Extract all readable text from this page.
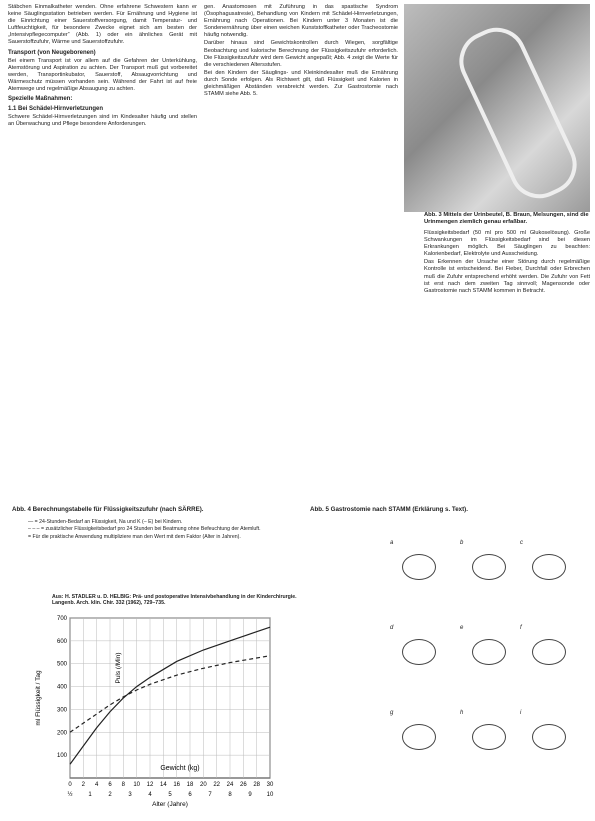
Stäbchen Einmalkatheter wenden. Ohne erfahrene Schwestern kann er keine Säuglingsstation betrieben werden. Für Ernährung und Hygiene ist die Einrichtung einer Sauerstoffversorgung, damit Temperatur- und Luftfeuchtigkeit, für besondere Zwecke eignet sich am besten der „Intensivpflegecomputer“ (Abb. 1) oder ein ähnliches Gerät mit Sauerstoffzufuhr, Wärme und Sauerstoffzufuhr.

Transport (von Neugeborenen)

Bei einem Transport ist vor allem auf die Gefahren der Unterkühlung, Atemstörung und Aspiration zu achten. Der Transport muß gut vorbereitet werden, Transportinkubator, Sauerstoff, Absaugvorrichtung und Wärmeschutz müssen vorhanden sein. Während der Fahrt ist auf freie Atemwege und regelmäßige Absaugung zu achten.

Spezielle Maßnahmen:
1.1 Bei Schädel-Hirnverletzungen

Schwere Schädel-Hirnverletzungen sind im Kindesalter häufig und stellen an Überwachung und Pflege besondere Anforderungen.

gen. Anastomosen mit Zuführung in das spastische Syndrom (Ösophagusatresie), Behandlung von Kindern mit Schädel-Hirnverletzungen, Ernährung nach Operationen. Bei Kindern unter 3 Monaten ist die Sondenernährung über einen weichen Kunststoffkatheter oder Tracheostomie häufig notwendig.

Darüber hinaus sind Gewichtskontrollen durch Wiegen, sorgfältige Beobachtung und kalorische Berechnung der Flüssigkeitszufuhr erforderlich. Die Flüssigkeitszufuhr wird dem Gewicht angepaßt; Abb. 4 zeigt die Werte für die verschiedenen Altersstufen.

Bei den Kindern der Säuglings- und Kleinkindesalter muß die Ernährung durch Sonde erfolgen. Als Richtwert gilt, daß Flüssigkeit und Kalorien in gleichmäßigen Abständen verabreicht werden. Zur Gastrostomie nach STAMM siehe Abb. 5.

Abb. 3 Mittels der Urinbeutel, B. Braun, Melsungen, sind die Urinmengen ziemlich genau erfaßbar.

Flüssigkeitsbedarf (50 ml pro 500 ml Glukoselösung). Große Schwankungen im Flüssigkeitsbedarf sind bei diesen Erkrankungen möglich. Bei Säuglingen zu beachten: Kalorienbedarf, Elektrolyte und Ausscheidung.

Das Erkennen der Ursache einer Störung durch regelmäßige Kontrolle ist entscheidend. Bei Fieber, Durchfall oder Erbrechen muß die Zufuhr entsprechend erhöht werden. Die Zufuhr von Fett ist erst nach dem zweiten Tag sinnvoll; Magensonde oder Gastrostomie nach STAMM kommen in Betracht.

Abb. 4 Berechnungstabelle für Flüssigkeitszufuhr (nach SÄRRE).	Abb. 5 Gastrostomie nach STAMM (Erklärung s. Text).
— = 24-Stunden-Bedarf an Flüssigkeit, Na und K (– E) bei Kindern.
– – – = zusätzlicher Flüssigkeitsbedarf pro 24 Stunden bei Beatmung ohne Befeuchtung der Atemluft.
= Für die praktische Anwendung multipliziere man den Wert mit dem Faktor (Alter in Jahren).
Aus: H. STADLER u. D. HELBIG: Prä- und postoperative Intensivbehandlung in der Kinderchirurgie. Langenb. Arch. klin. Chir. 332 (1962), 729–735.
100
200
300
400
500
600
700
0 2 4 6 8 10 12 14 16 18 20 22 24 26 28 30
½	1	2	3	4	5	6	7	8	9 10
Gewicht (kg)
Alter (Jahre)
ml Flüssigkeit / Tag
Puls (/Min)
a	b	c
d	e	f
g	h	i
